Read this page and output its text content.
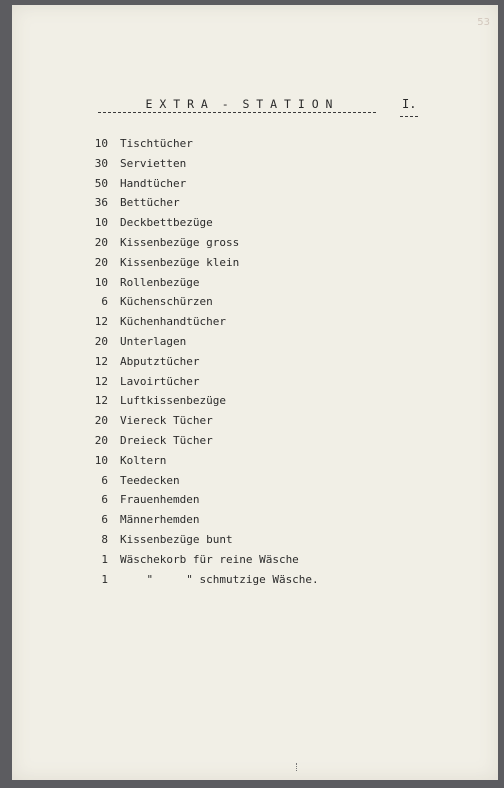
53
E X T R A  -  S T A T I O N	I.
10 Tischtücher
30 Servietten
50 Handtücher
36 Bettücher
10 Deckbettbezüge
20 Kissenbezüge gross
20 Kissenbezüge klein
10 Rollenbezüge
6 Küchenschürzen
12 Küchenhandtücher
20 Unterlagen
12 Abputztücher
12 Lavoirtücher
12 Luftkissenbezüge
20 Viereck Tücher
20 Dreieck Tücher
10 Koltern
6 Teedecken
6 Frauenhemden
6 Männerhemden
8 Kissenbezüge bunt
1 Wäschekorb für reine Wäsche
1 "     " schmutzige Wäsche.
